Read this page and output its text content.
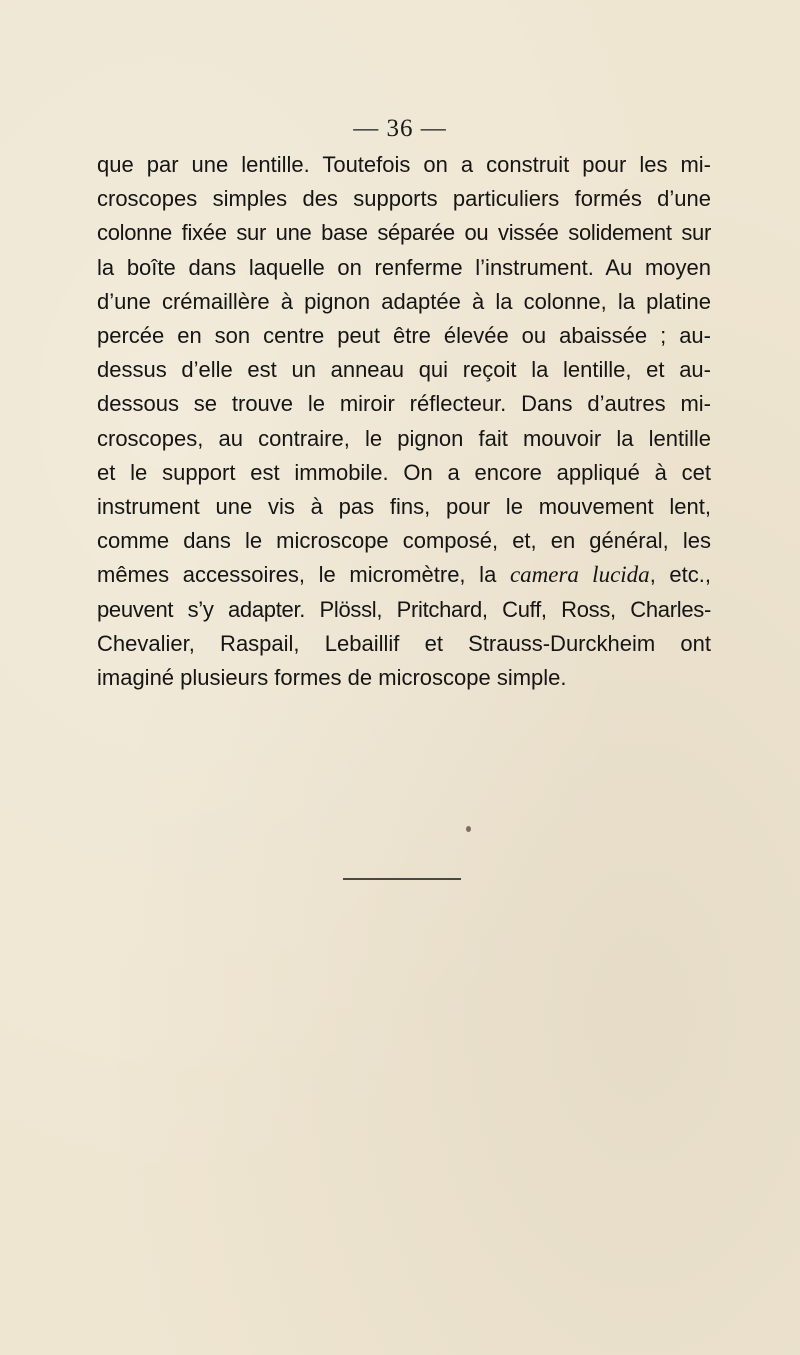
— 36 —
que par une lentille. Toutefois on a construit pour les mi-
croscopes simples des supports particuliers formés d’une
colonne fixée sur une base séparée ou vissée solidement sur
la boîte dans laquelle on renferme l’instrument. Au moyen
d’une crémaillère à pignon adaptée à la colonne, la platine
percée en son centre peut être élevée ou abaissée ; au-
dessus d’elle est un anneau qui reçoit la lentille, et au-
dessous se trouve le miroir réflecteur. Dans d’autres mi-
croscopes, au contraire, le pignon fait mouvoir la lentille
et le support est immobile. On a encore appliqué à cet
instrument une vis à pas fins, pour le mouvement lent,
comme dans le microscope composé, et, en général, les
mêmes accessoires, le micromètre, la camera lucida, etc.,
peuvent s’y adapter. Plössl, Pritchard, Cuff, Ross, Charles-
Chevalier, Raspail, Lebaillif et Strauss-Durckheim ont
imaginé plusieurs formes de microscope simple.
